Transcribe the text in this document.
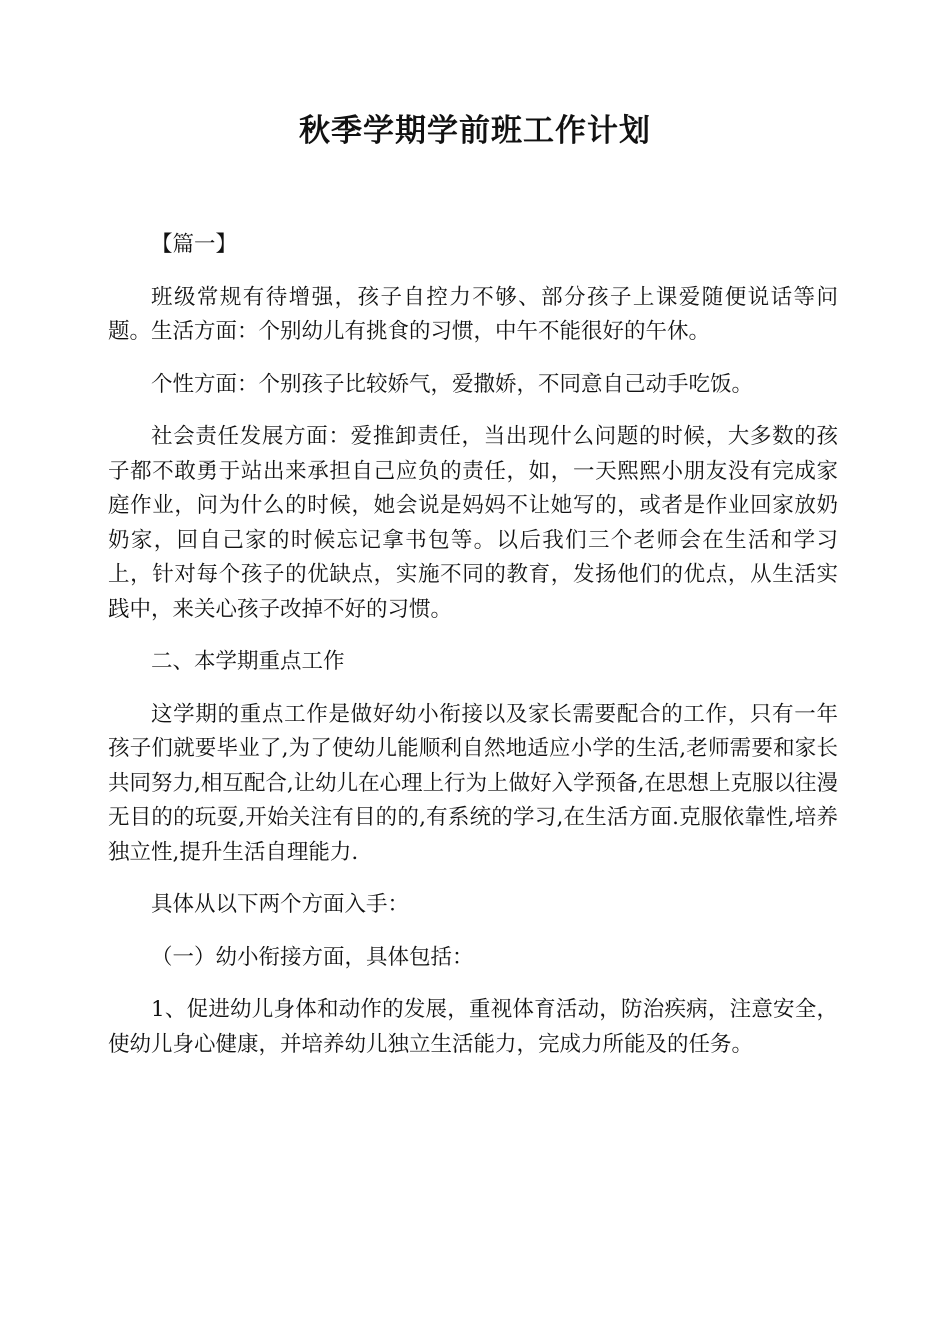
秋季学期学前班工作计划

【篇一】

班级常规有待增强，孩子自控力不够、部分孩子上课爱随便说话等问题。生活方面：个别幼儿有挑食的习惯，中午不能很好的午休。

个性方面：个别孩子比较娇气，爱撒娇，不同意自己动手吃饭。

社会责任发展方面：爱推卸责任，当出现什么问题的时候，大多数的孩子都不敢勇于站出来承担自己应负的责任，如，一天熙熙小朋友没有完成家庭作业，问为什么的时候，她会说是妈妈不让她写的，或者是作业回家放奶奶家，回自己家的时候忘记拿书包等。以后我们三个老师会在生活和学习上，针对每个孩子的优缺点，实施不同的教育，发扬他们的优点，从生活实践中，来关心孩子改掉不好的习惯。

二、本学期重点工作

这学期的重点工作是做好幼小衔接以及家长需要配合的工作，只有一年孩子们就要毕业了,为了使幼儿能顺利自然地适应小学的生活,老师需要和家长共同努力,相互配合,让幼儿在心理上行为上做好入学预备,在思想上克服以往漫无目的的玩耍,开始关注有目的的,有系统的学习,在生活方面.克服依靠性,培养独立性,提升生活自理能力.

具体从以下两个方面入手：

（一）幼小衔接方面，具体包括：

1、促进幼儿身体和动作的发展，重视体育活动，防治疾病，注意安全，使幼儿身心健康，并培养幼儿独立生活能力，完成力所能及的任务。
